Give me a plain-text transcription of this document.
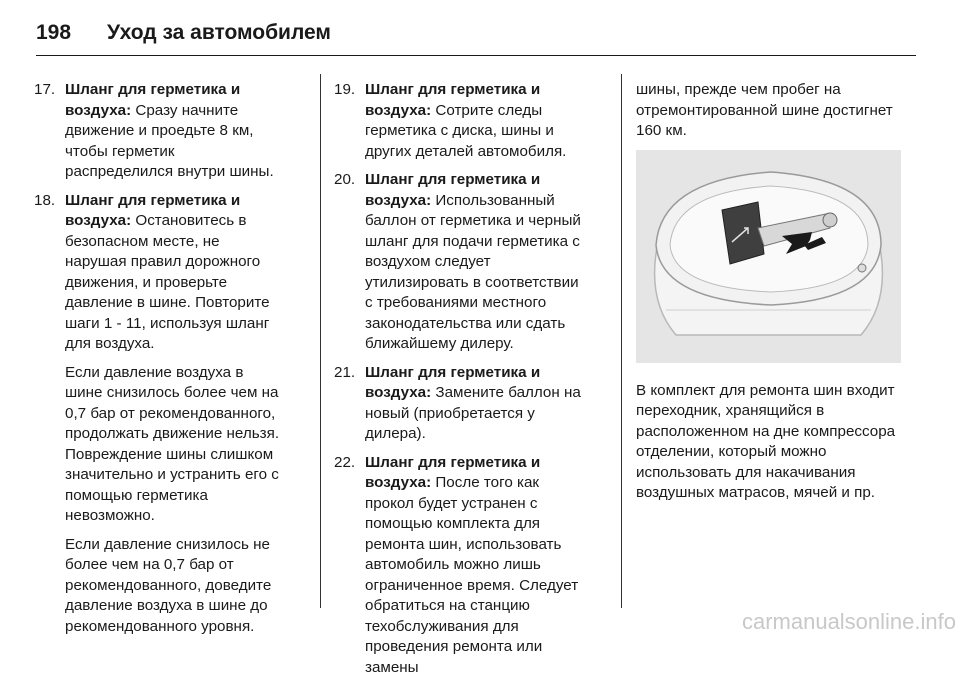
198 Уход за автомобилем
17. Шланг для герметика и воздуха: Сразу начните движение и проедьте 8 км, чтобы герметик распределился внутри шины.
18. Шланг для герметика и воздуха: Остановитесь в безопасном месте, не нарушая правил дорожного движения, и проверьте давление в шине. Повторите шаги 1 - 11, используя шланг для воздуха.

Если давление воздуха в шине снизилось более чем на 0,7 бар от рекомендованного, продолжать движение нельзя. Повреждение шины слишком значительно и устранить его с помощью герметика невозможно.

Если давление снизилось не более чем на 0,7 бар от рекомендованного, доведите давление воздуха в шине до рекомендованного уровня.

19. Шланг для герметика и воздуха: Сотрите следы герметика с диска, шины и других деталей автомобиля.
20. Шланг для герметика и воздуха: Использованный баллон от герметика и черный шланг для подачи герметика с воздухом следует утилизировать в соответствии с требованиями местного законодательства или сдать ближайшему дилеру.
21. Шланг для герметика и воздуха: Замените баллон на новый (приобретается у дилера).
22. Шланг для герметика и воздуха: После того как прокол будет устранен с помощью комплекта для ремонта шин, использовать автомобиль можно лишь ограниченное время. Следует обратиться на станцию техобслуживания для проведения ремонта или замены

шины, прежде чем пробег на отремонтированной шине достигнет 160 км.

В комплект для ремонта шин входит переходник, хранящийся в расположенном на дне компрессора отделении, который можно использовать для накачивания воздушных матрасов, мячей и пр.

carmanualsonline.info
